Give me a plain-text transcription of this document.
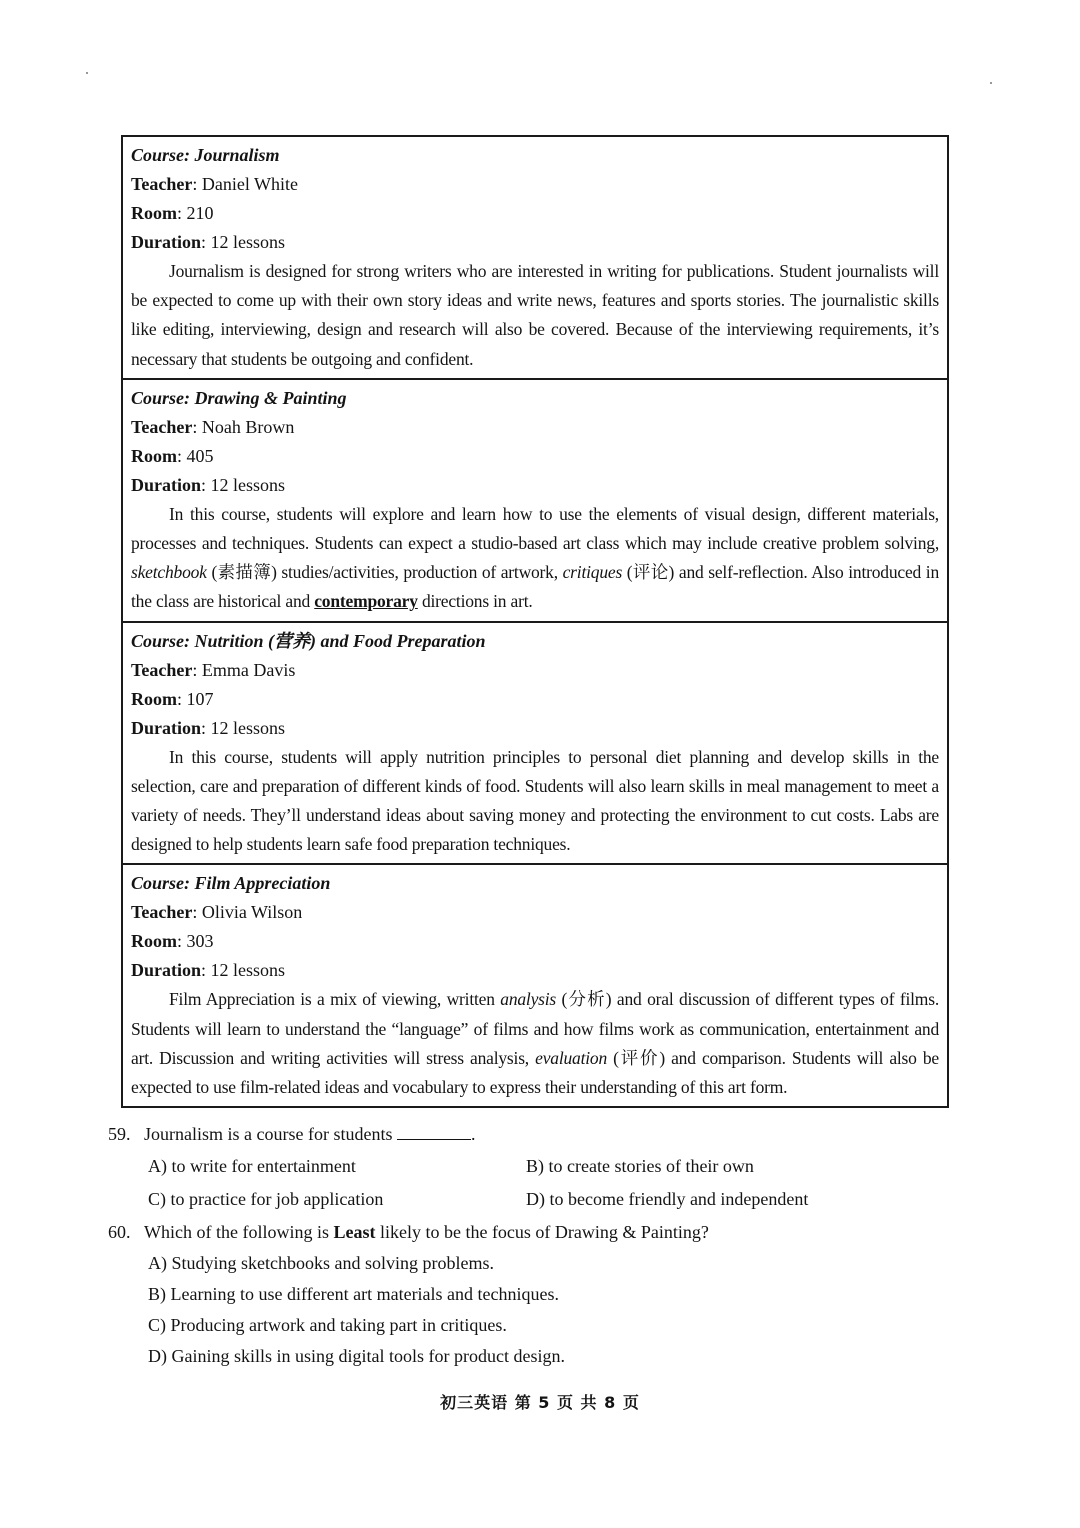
Course: Journalism
Teacher: Daniel White
Room: 210
Duration: 12 lessons
Journalism is designed for strong writers who are interested in writing for publications. Student journalists will be expected to come up with their own story ideas and write news, features and sports stories. The journalistic skills like editing, interviewing, design and research will also be covered. Because of the interviewing requirements, it’s necessary that students be outgoing and confident.
Course: Drawing & Painting
Teacher: Noah Brown
Room: 405
Duration: 12 lessons
In this course, students will explore and learn how to use the elements of visual design, different materials, processes and techniques. Students can expect a studio-based art class which may include creative problem solving, sketchbook (素描簿) studies/activities, production of artwork, critiques (评论) and self-reflection. Also introduced in the class are historical and contemporary directions in art.
Course: Nutrition (营养) and Food Preparation
Teacher: Emma Davis
Room: 107
Duration: 12 lessons
In this course, students will apply nutrition principles to personal diet planning and develop skills in the selection, care and preparation of different kinds of food. Students will also learn skills in meal management to meet a variety of needs. They’ll understand ideas about saving money and protecting the environment to cut costs. Labs are designed to help students learn safe food preparation techniques.
Course: Film Appreciation
Teacher: Olivia Wilson
Room: 303
Duration: 12 lessons
Film Appreciation is a mix of viewing, written analysis (分析) and oral discussion of different types of films. Students will learn to understand the “language” of films and how films work as communication, entertainment and art. Discussion and writing activities will stress analysis, evaluation (评价) and comparison. Students will also be expected to use film-related ideas and vocabulary to express their understanding of this art form.
59. Journalism is a course for students	.
A) to write for entertainment	B) to create stories of their own
C) to practice for job application	D) to become friendly and independent
60. Which of the following is Least likely to be the focus of Drawing & Painting?
A) Studying sketchbooks and solving problems.
B) Learning to use different art materials and techniques.
C) Producing artwork and taking part in critiques.
D) Gaining skills in using digital tools for product design.
初三英语 第 5 页 共 8 页
